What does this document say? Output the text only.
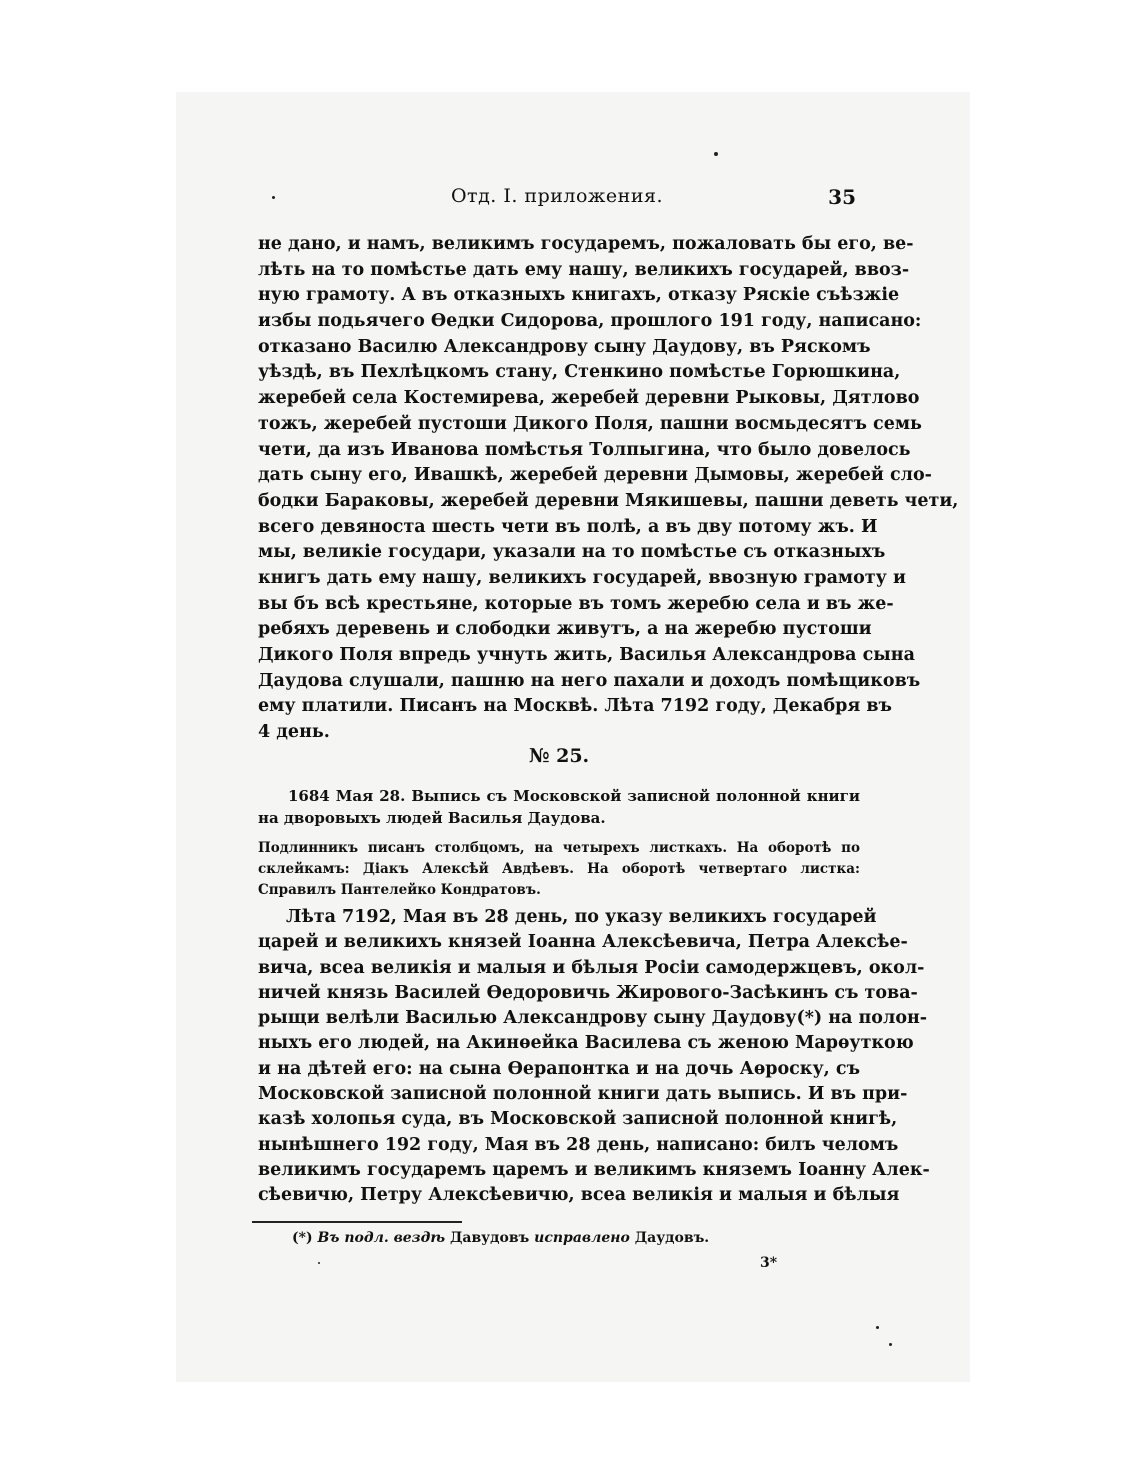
Отд. I. приложения.	35
не дано, и намъ, великимъ государемъ, пожаловать бы его, ве-
лѣть на то помѣстье дать ему нашу, великихъ государей, ввоз-
ную грамоту. А въ отказныхъ книгахъ, отказу Ряскіе съѣзжіе
избы подьячего Ѳедки Сидорова, прошлого 191 году, написано:
отказано Василю Александрову сыну Даудову, въ Ряскомъ
уѣздѣ, въ Пехлѣцкомъ стану, Стенкино помѣстье Горюшкина,
жеребей села Костемирева, жеребей деревни Рыковы, Дятлово
тожъ, жеребей пустоши Дикого Поля, пашни восмьдесятъ семь
чети, да изъ Иванова помѣстья Толпыгина, что было довелось
дать сыну его, Ивашкѣ, жеребей деревни Дымовы, жеребей сло-
бодки Бараковы, жеребей деревни Мякишевы, пашни деветь чети,
всего девяноста шесть чети въ полѣ, а въ дву потому жъ. И
мы, великіе государи, указали на то помѣстье съ отказныхъ
книгъ дать ему нашу, великихъ государей, ввозную грамоту и
вы бъ всѣ крестьяне, которые въ томъ жеребю села и въ же-
ребяхъ деревень и слободки живутъ, а на жеребю пустоши
Дикого Поля впредь учнуть жить, Василья Александрова сына
Даудова слушали, пашню на него пахали и доходъ помѣщиковъ
ему платили. Писанъ на Москвѣ. Лѣта 7192 году, Декабря въ
4 день.
№ 25.
1684 Мая 28. Выпись съ Московской записной полонной книги
на дворовыхъ людей Василья Даудова.
Подлинникъ писанъ столбцомъ, на четырехъ листкахъ. На оборотѣ по
склейкамъ: Діакъ Алексѣй Авдѣевъ. На оборотѣ четвертаго листка:
Справилъ Пантелейко Кондратовъ.
Лѣта 7192, Мая въ 28 день, по указу великихъ государей
царей и великихъ князей Іоанна Алексѣевича, Петра Алексѣе-
вича, всеа великія и малыя и бѣлыя Росіи самодержцевъ, окол-
ничей князь Василей Ѳедоровичь Жирового-Засѣкинъ съ това-
рыщи велѣли Василью Александрову сыну Даудову(*) на полон-
ныхъ его людей, на Акинѳейка Василева съ женою Марѳуткою
и на дѣтей его: на сына Ѳерапонтка и на дочь Аѳроску, съ
Московской записной полонной книги дать выпись. И въ при-
казѣ холопья суда, въ Московской записной полонной книгѣ,
нынѣшнего 192 году, Мая въ 28 день, написано: билъ челомъ
великимъ государемъ царемъ и великимъ княземъ Іоанну Алек-
сѣевичю, Петру Алексѣевичю, всеа великія и малыя и бѣлыя
(*) Въ подл. вездѣ Давудовъ исправлено Даудовъ.
3*
